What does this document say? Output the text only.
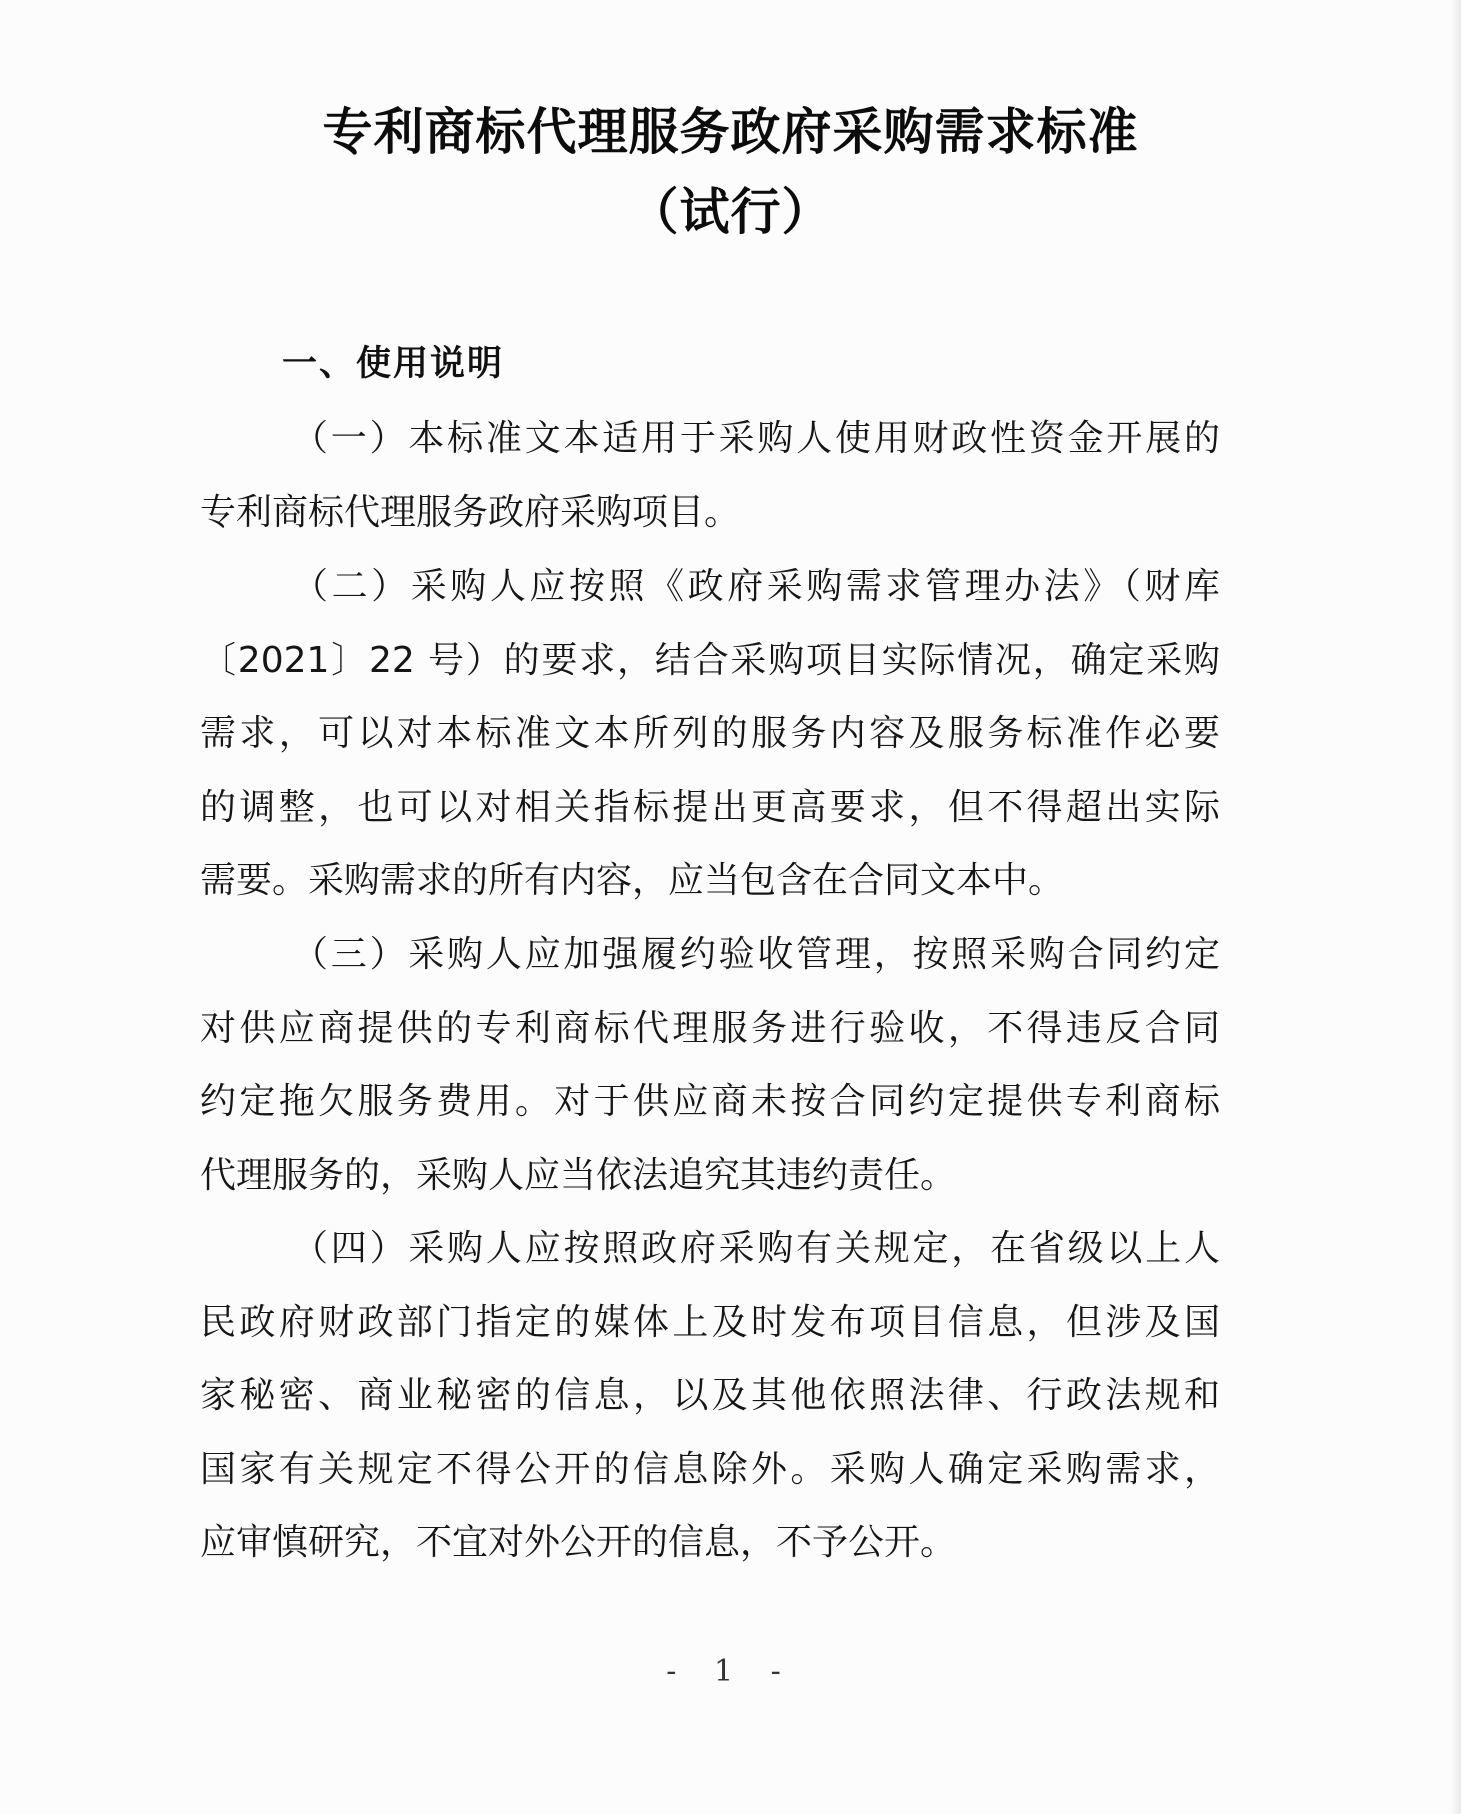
专利商标代理服务政府采购需求标准
（试行）
一、使用说明
（一）本标准文本适用于采购人使用财政性资金开展的
专利商标代理服务政府采购项目。
（二）采购人应按照《政府采购需求管理办法》（财库
〔2021〕22 号）的要求，结合采购项目实际情况，确定采购
需求，可以对本标准文本所列的服务内容及服务标准作必要
的调整，也可以对相关指标提出更高要求，但不得超出实际
需要。采购需求的所有内容，应当包含在合同文本中。
（三）采购人应加强履约验收管理，按照采购合同约定
对供应商提供的专利商标代理服务进行验收，不得违反合同
约定拖欠服务费用。对于供应商未按合同约定提供专利商标
代理服务的，采购人应当依法追究其违约责任。
（四）采购人应按照政府采购有关规定，在省级以上人
民政府财政部门指定的媒体上及时发布项目信息，但涉及国
家秘密、商业秘密的信息，以及其他依照法律、行政法规和
国家有关规定不得公开的信息除外。采购人确定采购需求，
应审慎研究，不宜对外公开的信息，不予公开。
- 1 -
